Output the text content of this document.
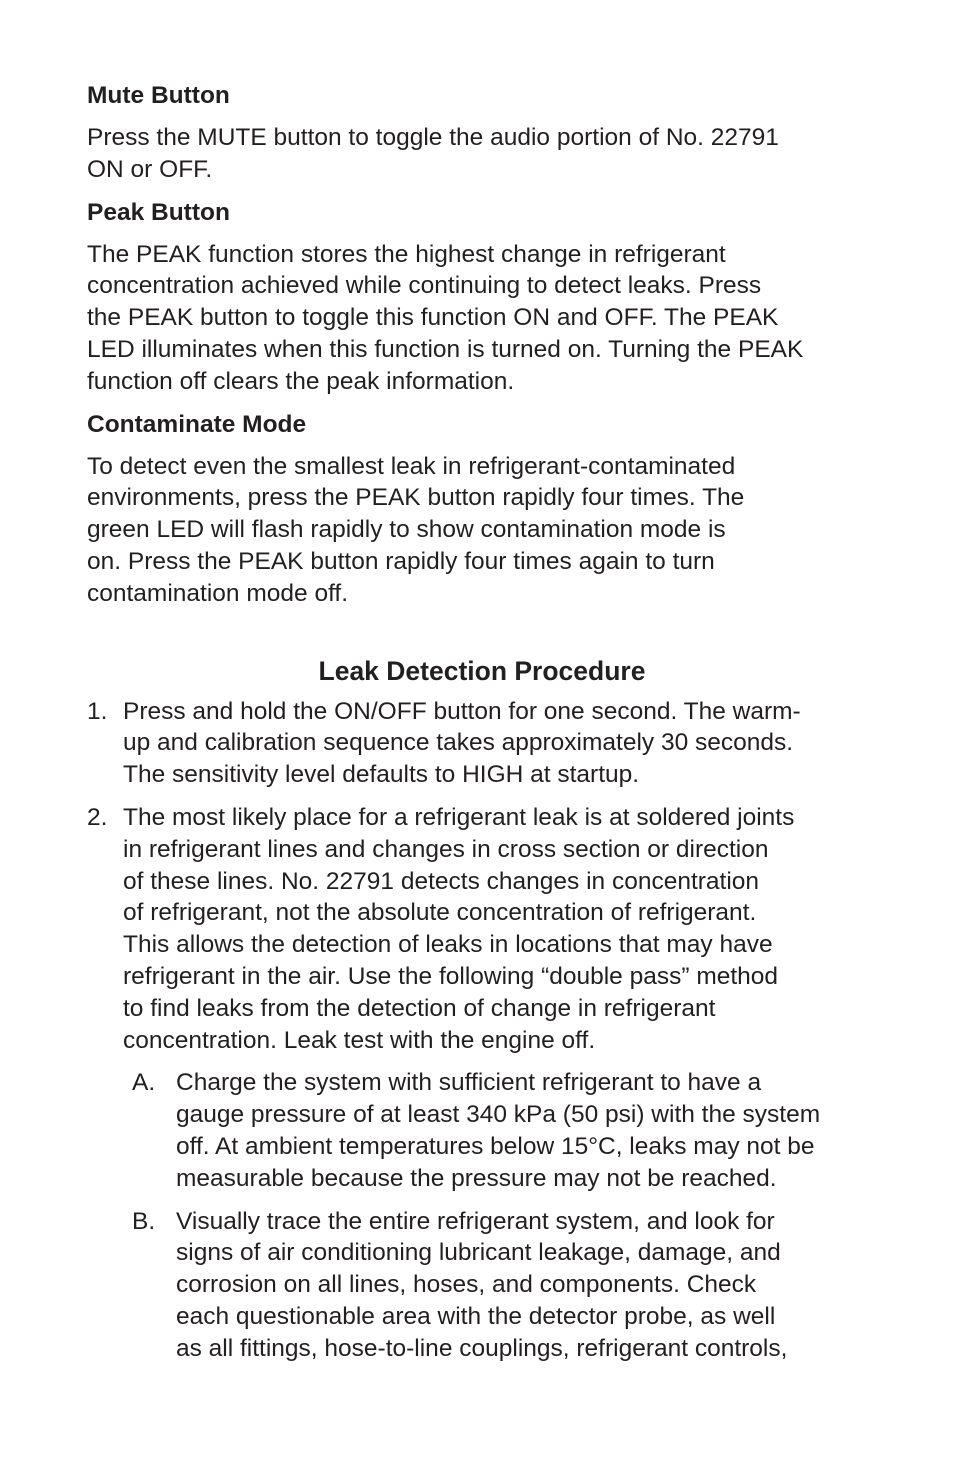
Mute Button
Press the MUTE button to toggle the audio portion of No. 22791
ON or OFF.
Peak Button
The PEAK function stores the highest change in refrigerant
concentration achieved while continuing to detect leaks. Press
the PEAK button to toggle this function ON and OFF. The PEAK
LED illuminates when this function is turned on. Turning the PEAK
function off clears the peak information.
Contaminate Mode
To detect even the smallest leak in refrigerant-contaminated
environments, press the PEAK button rapidly four times. The
green LED will flash rapidly to show contamination mode is
on. Press the PEAK button rapidly four times again to turn
contamination mode off.
Leak Detection Procedure
1. Press and hold the ON/OFF button for one second. The warm-
up and calibration sequence takes approximately 30 seconds.
The sensitivity level defaults to HIGH at startup.
2. The most likely place for a refrigerant leak is at soldered joints
in refrigerant lines and changes in cross section or direction
of these lines. No. 22791 detects changes in concentration
of refrigerant, not the absolute concentration of refrigerant.
This allows the detection of leaks in locations that may have
refrigerant in the air. Use the following “double pass” method
to find leaks from the detection of change in refrigerant
concentration. Leak test with the engine off.
A. Charge the system with sufficient refrigerant to have a
gauge pressure of at least 340 kPa (50 psi) with the system
off. At ambient temperatures below 15°C, leaks may not be
measurable because the pressure may not be reached.
B. Visually trace the entire refrigerant system, and look for
signs of air conditioning lubricant leakage, damage, and
corrosion on all lines, hoses, and components. Check
each questionable area with the detector probe, as well
as all fittings, hose-to-line couplings, refrigerant controls,
